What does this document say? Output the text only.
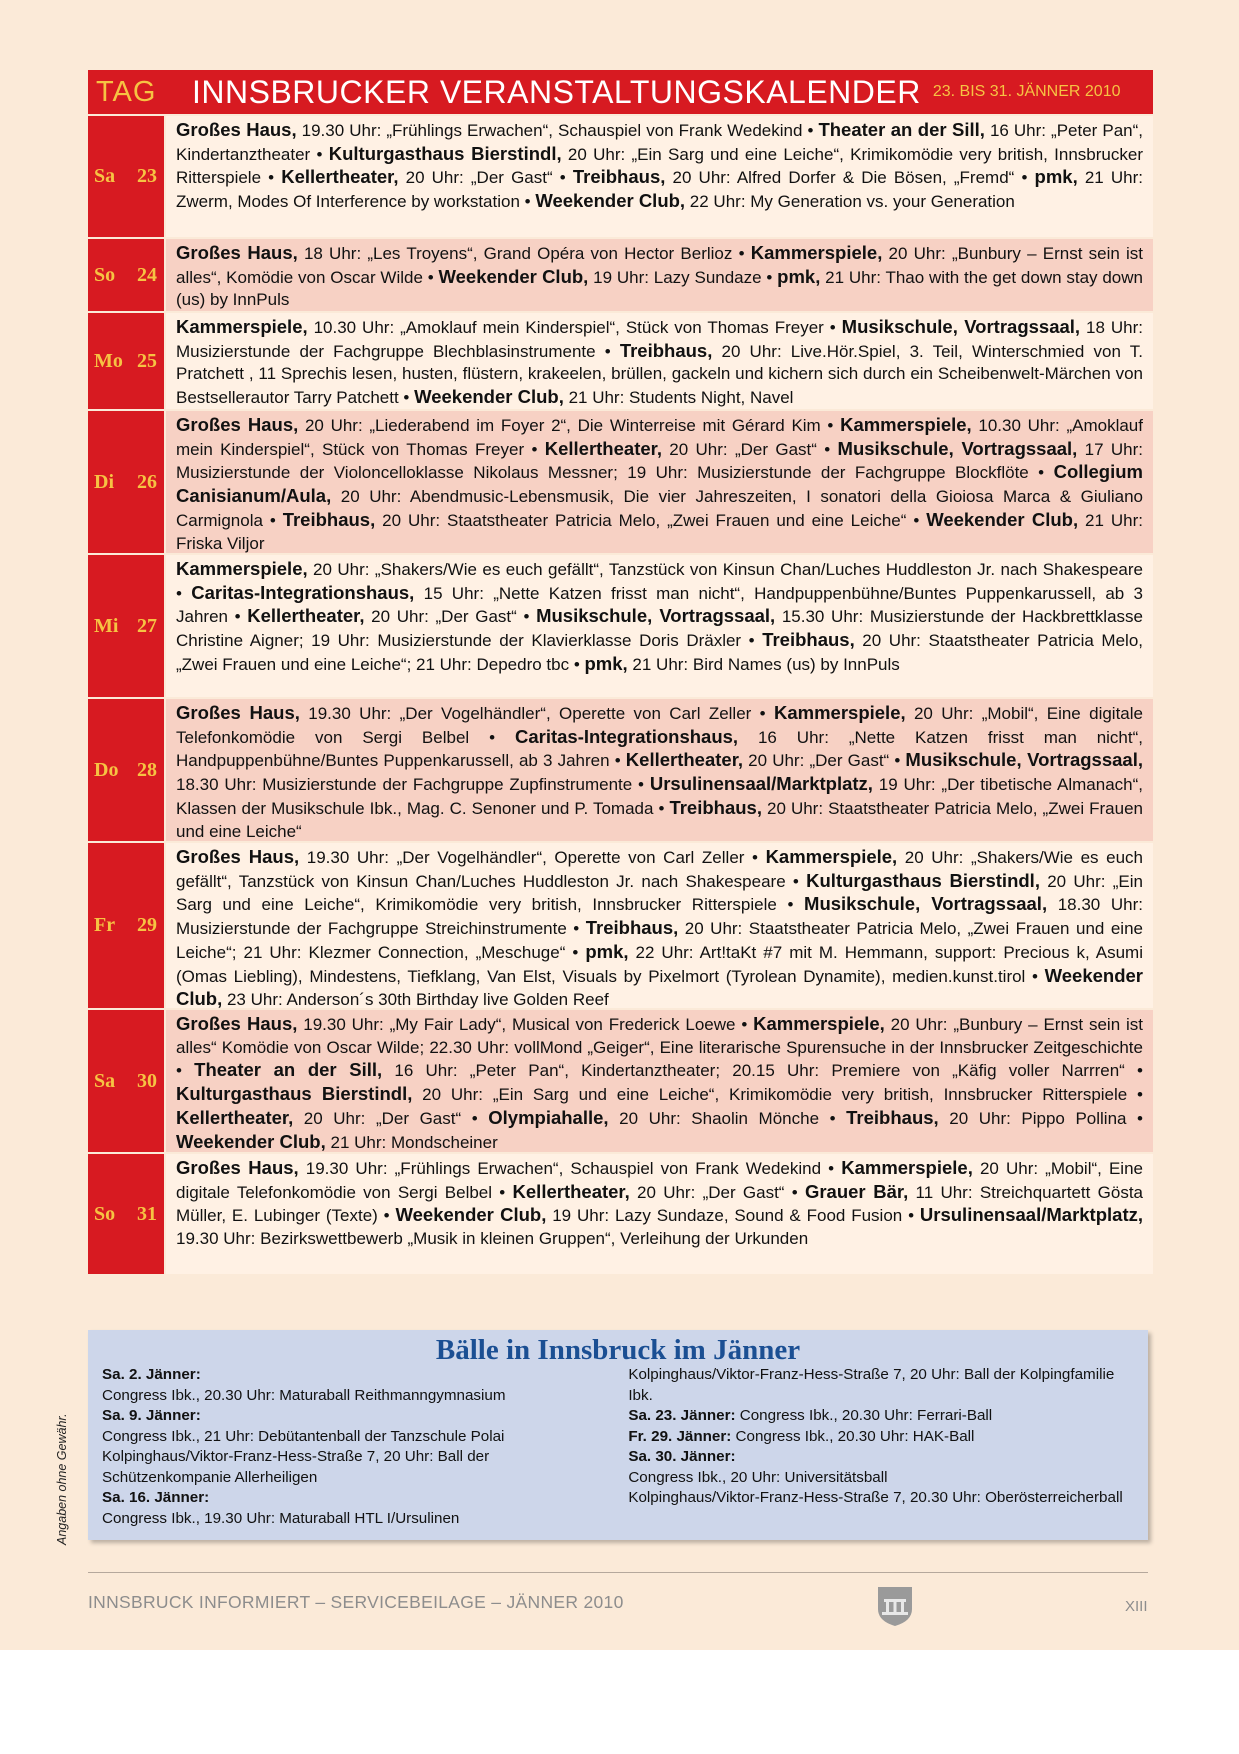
TAG	INNSBRUCKER VERANSTALTUNGSKALENDER 23. BIS 31. JÄNNER 2010
Sa 23
Großes Haus, 19.30 Uhr: „Frühlings Erwachen“, Schauspiel von Frank Wedekind • Theater an der Sill, 16 Uhr: „Peter Pan“, Kindertanztheater • Kulturgasthaus Bierstindl, 20 Uhr: „Ein Sarg und eine Leiche“, Krimikomödie very british, Innsbrucker Ritterspiele • Kellertheater, 20 Uhr: „Der Gast“ • Treibhaus, 20 Uhr: Alfred Dorfer & Die Bösen, „Fremd“ • pmk, 21 Uhr: Zwerm, Modes Of Interference by workstation • Weekender Club, 22 Uhr: My Generation vs. your Generation
So 24
Großes Haus, 18 Uhr: „Les Troyens“, Grand Opéra von Hector Berlioz • Kammerspiele, 20 Uhr: „Bunbury – Ernst sein ist alles“, Komödie von Oscar Wilde • Weekender Club, 19 Uhr: Lazy Sundaze • pmk, 21 Uhr: Thao with the get down stay down (us) by InnPuls
Mo 25
Kammerspiele, 10.30 Uhr: „Amoklauf mein Kinderspiel“, Stück von Thomas Freyer • Musikschule, Vortragssaal, 18 Uhr: Musizierstunde der Fachgruppe Blechblasinstrumente • Treibhaus, 20 Uhr: Live.Hör.Spiel, 3. Teil, Winterschmied von T. Pratchett , 11 Sprechis lesen, husten, flüstern, krakeelen, brüllen, gackeln und kichern sich durch ein Scheibenwelt-Märchen von Bestsellerautor Tarry Patchett • Weekender Club, 21 Uhr: Students Night, Navel
Di 26
Großes Haus, 20 Uhr: „Liederabend im Foyer 2“, Die Winterreise mit Gérard Kim • Kammerspiele, 10.30 Uhr: „Amoklauf mein Kinderspiel“, Stück von Thomas Freyer • Kellertheater, 20 Uhr: „Der Gast“ • Musikschule, Vortragssaal, 17 Uhr: Musizierstunde der Violoncelloklasse Nikolaus Messner; 19 Uhr: Musizierstunde der Fachgruppe Blockflöte • Collegium Canisianum/Aula, 20 Uhr: Abendmusic-Lebensmusik, Die vier Jahreszeiten, I sonatori della Gioiosa Marca & Giuliano Carmignola • Treibhaus, 20 Uhr: Staatstheater Patricia Melo, „Zwei Frauen und eine Leiche“ • Weekender Club, 21 Uhr: Friska Viljor
Mi 27
Kammerspiele, 20 Uhr: „Shakers/Wie es euch gefällt“, Tanzstück von Kinsun Chan/Luches Huddleston Jr. nach Shakespeare • Caritas-Integrationshaus, 15 Uhr: „Nette Katzen frisst man nicht“, Handpuppenbühne/Buntes Puppenkarussell, ab 3 Jahren • Kellertheater, 20 Uhr: „Der Gast“ • Musikschule, Vortragssaal, 15.30 Uhr: Musizierstunde der Hackbrettklasse Christine Aigner; 19 Uhr: Musizierstunde der Klavierklasse Doris Dräxler • Treibhaus, 20 Uhr: Staatstheater Patricia Melo, „Zwei Frauen und eine Leiche“; 21 Uhr: Depedro tbc • pmk, 21 Uhr: Bird Names (us) by InnPuls
Do 28
Großes Haus, 19.30 Uhr: „Der Vogelhändler“, Operette von Carl Zeller • Kammerspiele, 20 Uhr: „Mobil“, Eine digitale Telefonkomödie von Sergi Belbel • Caritas-Integrationshaus, 16 Uhr: „Nette Katzen frisst man nicht“, Handpuppenbühne/Buntes Puppenkarussell, ab 3 Jahren • Kellertheater, 20 Uhr: „Der Gast“ • Musikschule, Vortragssaal, 18.30 Uhr: Musizierstunde der Fachgruppe Zupfinstrumente • Ursulinensaal/Marktplatz, 19 Uhr: „Der tibetische Almanach“, Klassen der Musikschule Ibk., Mag. C. Senoner und P. Tomada • Treibhaus, 20 Uhr: Staatstheater Patricia Melo, „Zwei Frauen und eine Leiche“
Fr 29
Großes Haus, 19.30 Uhr: „Der Vogelhändler“, Operette von Carl Zeller • Kammerspiele, 20 Uhr: „Shakers/Wie es euch gefällt“, Tanzstück von Kinsun Chan/Luches Huddleston Jr. nach Shakespeare • Kulturgasthaus Bierstindl, 20 Uhr: „Ein Sarg und eine Leiche“, Krimikomödie very british, Innsbrucker Ritterspiele • Musikschule, Vortragssaal, 18.30 Uhr: Musizierstunde der Fachgruppe Streichinstrumente • Treibhaus, 20 Uhr: Staatstheater Patricia Melo, „Zwei Frauen und eine Leiche“; 21 Uhr: Klezmer Connection, „Meschuge“ • pmk, 22 Uhr: Art!taKt #7 mit M. Hemmann, support: Precious k, Asumi (Omas Liebling), Mindestens, Tiefklang, Van Elst, Visuals by Pixelmort (Tyrolean Dynamite), medien.kunst.tirol • Weekender Club, 23 Uhr: Anderson´s 30th Birthday live Golden Reef
Sa 30
Großes Haus, 19.30 Uhr: „My Fair Lady“, Musical von Frederick Loewe • Kammerspiele, 20 Uhr: „Bunbury – Ernst sein ist alles“ Komödie von Oscar Wilde; 22.30 Uhr: vollMond „Geiger“, Eine literarische Spurensuche in der Innsbrucker Zeitgeschichte • Theater an der Sill, 16 Uhr: „Peter Pan“, Kindertanztheater; 20.15 Uhr: Premiere von „Käfig voller Narrren“ • Kulturgasthaus Bierstindl, 20 Uhr: „Ein Sarg und eine Leiche“, Krimikomödie very british, Innsbrucker Ritterspiele • Kellertheater, 20 Uhr: „Der Gast“ • Olympiahalle, 20 Uhr: Shaolin Mönche • Treibhaus, 20 Uhr: Pippo Pollina • Weekender Club, 21 Uhr: Mondscheiner
So 31
Großes Haus, 19.30 Uhr: „Frühlings Erwachen“, Schauspiel von Frank Wedekind • Kammerspiele, 20 Uhr: „Mobil“, Eine digitale Telefonkomödie von Sergi Belbel • Kellertheater, 20 Uhr: „Der Gast“ • Grauer Bär, 11 Uhr: Streichquartett Gösta Müller, E. Lubinger (Texte) • Weekender Club, 19 Uhr: Lazy Sundaze, Sound & Food Fusion • Ursulinensaal/Marktplatz, 19.30 Uhr: Bezirkswettbewerb „Musik in kleinen Gruppen“, Verleihung der Urkunden
Bälle in Innsbruck im Jänner
Sa. 2. Jänner:
Congress Ibk., 20.30 Uhr: Maturaball Reithmanngymnasium
Sa. 9. Jänner:
Congress Ibk., 21 Uhr: Debütantenball der Tanzschule Polai
Kolpinghaus/Viktor-Franz-Hess-Straße 7, 20 Uhr: Ball der Schützenkompanie Allerheiligen
Sa. 16. Jänner:
Congress Ibk., 19.30 Uhr: Maturaball HTL I/Ursulinen
Kolpinghaus/Viktor-Franz-Hess-Straße 7, 20 Uhr: Ball der Kolpingfamilie Ibk.
Sa. 23. Jänner: Congress Ibk., 20.30 Uhr: Ferrari-Ball
Fr. 29. Jänner: Congress Ibk., 20.30 Uhr: HAK-Ball
Sa. 30. Jänner:
Congress Ibk., 20 Uhr: Universitätsball
Kolpinghaus/Viktor-Franz-Hess-Straße 7, 20.30 Uhr: Oberösterreicherball
Angaben ohne Gewähr.
INNSBRUCK INFORMIERT – SERVICEBEILAGE – JÄNNER 2010	XIII
